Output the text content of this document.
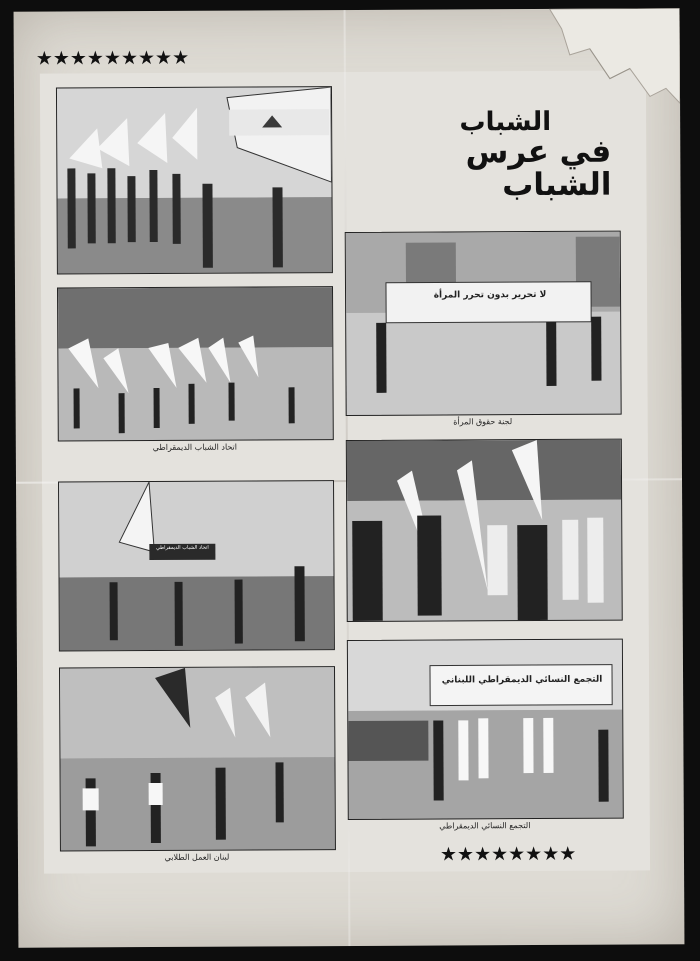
★★★★★★★★★
الشباب
في عرس الشباب
اتحاد الشباب الديمقراطي
اتحاد الشباب الديمقراطي
لبنان العمل الطلابي
لا تحرير بدون تحرر المرأة
لجنة حقوق المرأة
التجمع النسائي الديمقراطي اللبناني
التجمع النسائي الديمقراطي
★★★★★★★★
